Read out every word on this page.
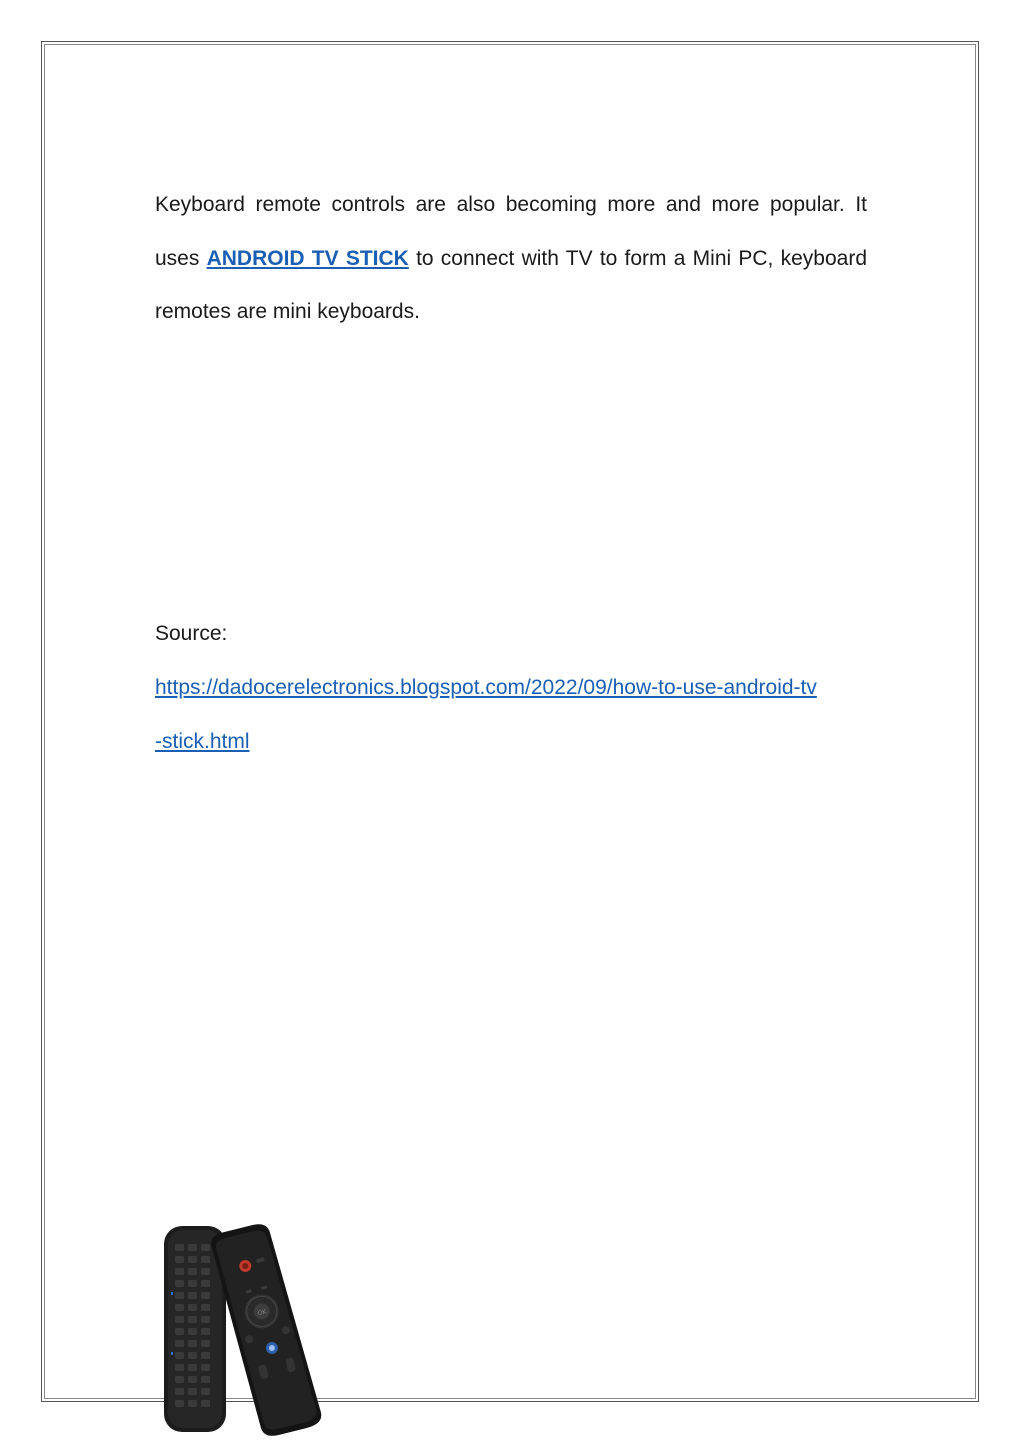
Keyboard remote controls are also becoming more and more popular. It
uses ANDROID TV STICK to connect with TV to form a Mini PC, keyboard
remotes are mini keyboards.

Source:

https://dadocerelectronics.blogspot.com/2022/09/how-to-use-android-tv
-stick.html
OK
